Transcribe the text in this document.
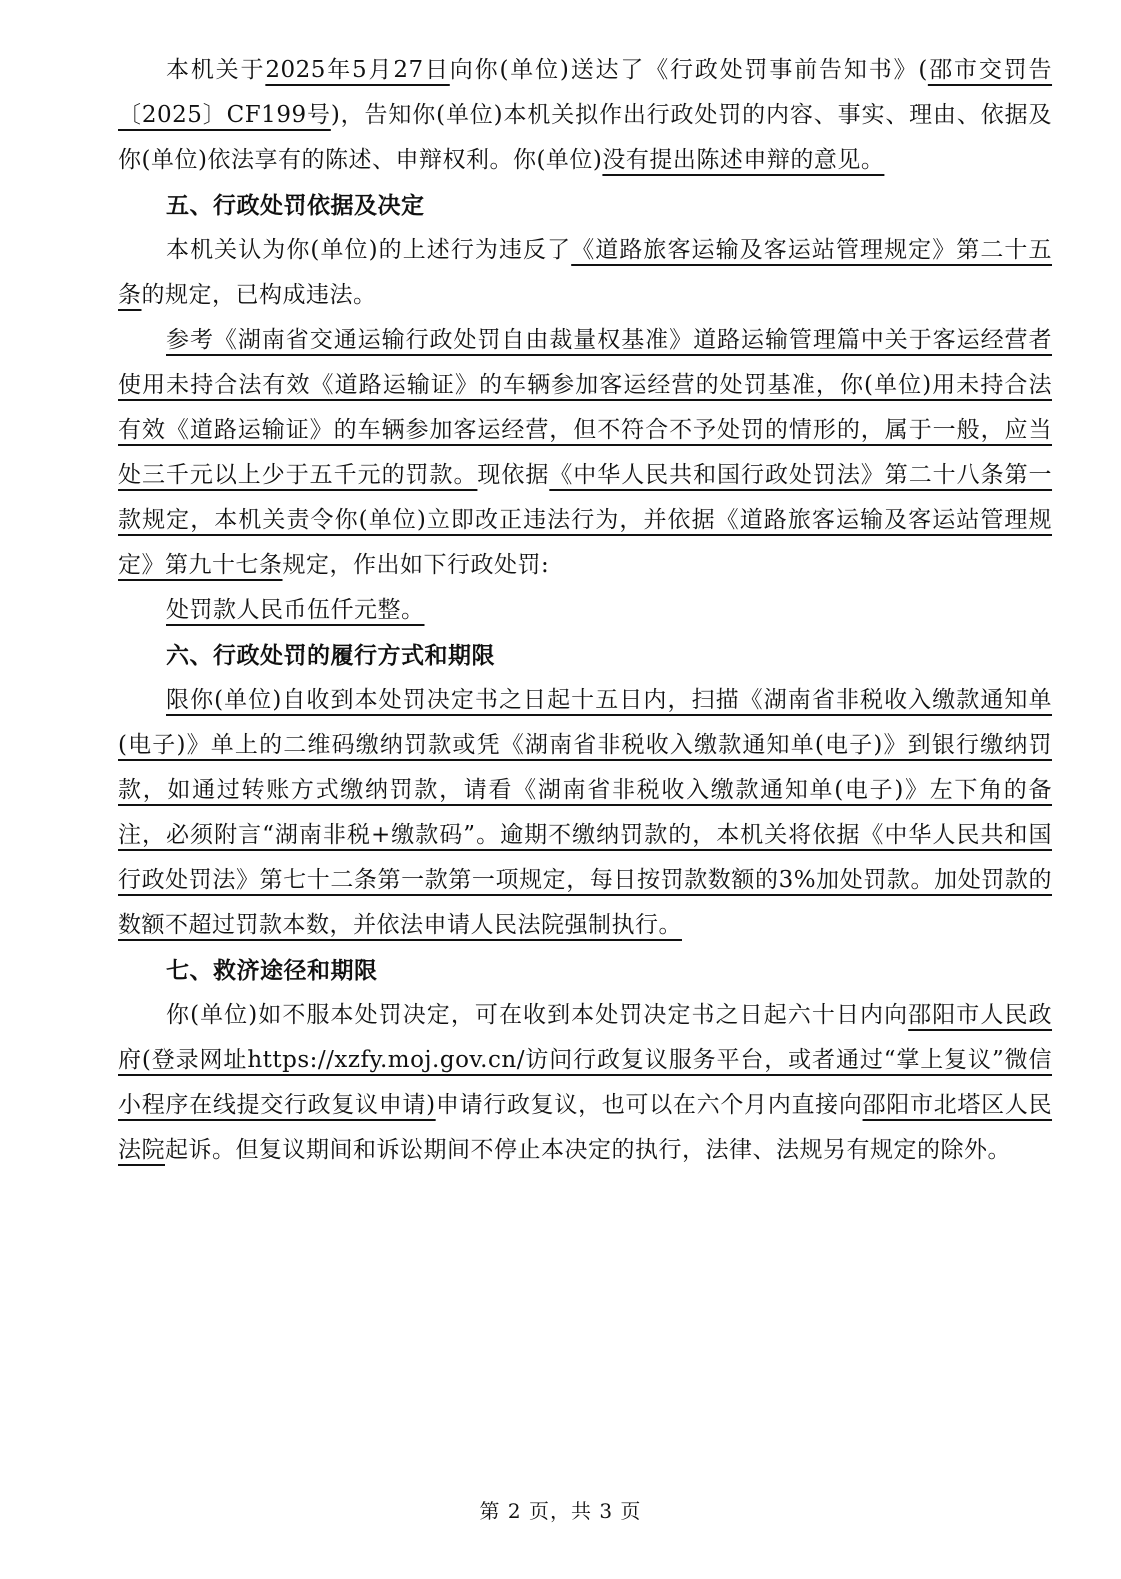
本机关于2025年5月27日向你(单位)送达了《行政处罚事前告知书》(邵市交罚告〔2025〕CF199号)，告知你(单位)本机关拟作出行政处罚的内容、事实、理由、依据及你(单位)依法享有的陈述、申辩权利。你(单位)没有提出陈述申辩的意见。

五、行政处罚依据及决定

本机关认为你(单位)的上述行为违反了《道路旅客运输及客运站管理规定》第二十五条的规定，已构成违法。

参考《湖南省交通运输行政处罚自由裁量权基准》道路运输管理篇中关于客运经营者使用未持合法有效《道路运输证》的车辆参加客运经营的处罚基准，你(单位)用未持合法有效《道路运输证》的车辆参加客运经营，但不符合不予处罚的情形的，属于一般，应当处三千元以上少于五千元的罚款。现依据《中华人民共和国行政处罚法》第二十八条第一款规定，本机关责令你(单位)立即改正违法行为，并依据《道路旅客运输及客运站管理规定》第九十七条规定，作出如下行政处罚:

处罚款人民币伍仟元整。

六、行政处罚的履行方式和期限

限你(单位)自收到本处罚决定书之日起十五日内，扫描《湖南省非税收入缴款通知单(电子)》单上的二维码缴纳罚款或凭《湖南省非税收入缴款通知单(电子)》到银行缴纳罚款，如通过转账方式缴纳罚款，请看《湖南省非税收入缴款通知单(电子)》左下角的备注，必须附言“湖南非税+缴款码”。逾期不缴纳罚款的，本机关将依据《中华人民共和国行政处罚法》第七十二条第一款第一项规定，每日按罚款数额的3%加处罚款。加处罚款的数额不超过罚款本数，并依法申请人民法院强制执行。

七、救济途径和期限

你(单位)如不服本处罚决定，可在收到本处罚决定书之日起六十日内向邵阳市人民政府(登录网址https://xzfy.moj.gov.cn/访问行政复议服务平台，或者通过“掌上复议”微信小程序在线提交行政复议申请)申请行政复议，也可以在六个月内直接向邵阳市北塔区人民法院起诉。但复议期间和诉讼期间不停止本决定的执行，法律、法规另有规定的除外。

第 2 页，共 3 页
